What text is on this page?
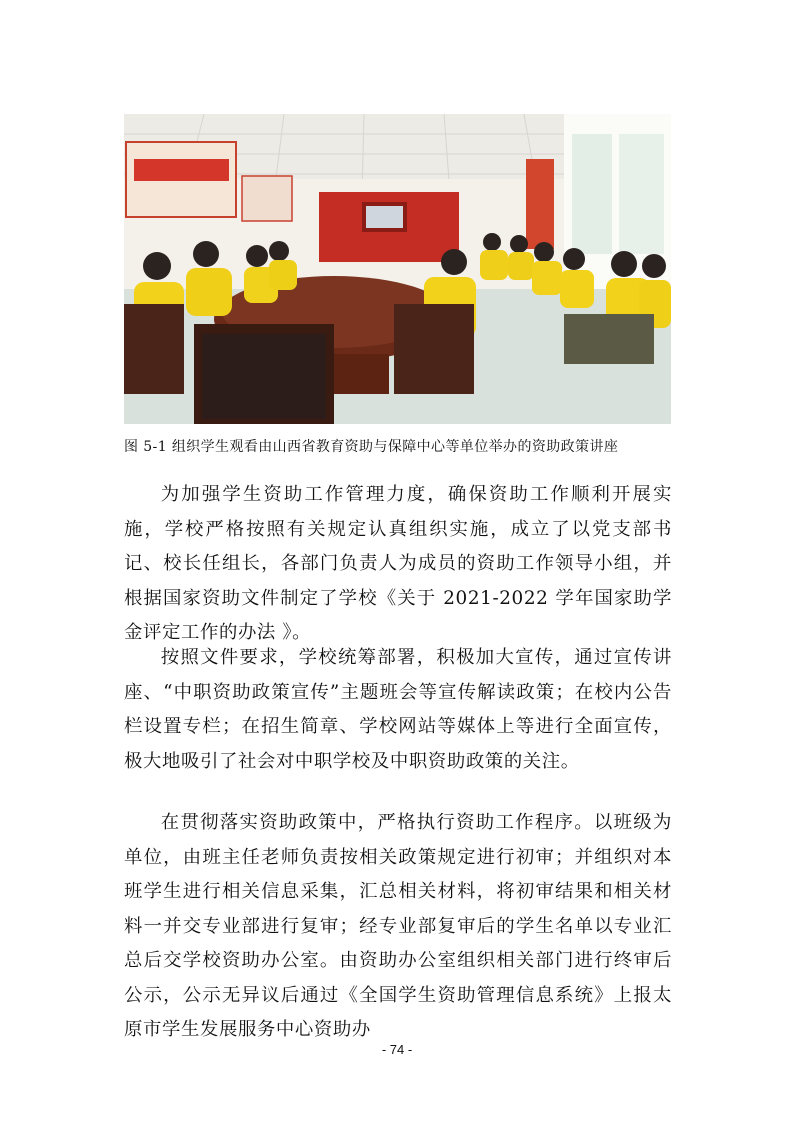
图 5-1 组织学生观看由山西省教育资助与保障中心等单位举办的资助政策讲座

为加强学生资助工作管理力度，确保资助工作顺利开展实施，学校严格按照有关规定认真组织实施，成立了以党支部书记、校长任组长，各部门负责人为成员的资助工作领导小组，并根据国家资助文件制定了学校《关于 2021-2022 学年国家助学金评定工作的办法 》。

按照文件要求，学校统筹部署，积极加大宣传，通过宣传讲座、“中职资助政策宣传”主题班会等宣传解读政策；在校内公告栏设置专栏；在招生简章、学校网站等媒体上等进行全面宣传，极大地吸引了社会对中职学校及中职资助政策的关注。

在贯彻落实资助政策中，严格执行资助工作程序。以班级为单位，由班主任老师负责按相关政策规定进行初审；并组织对本班学生进行相关信息采集，汇总相关材料，将初审结果和相关材料一并交专业部进行复审；经专业部复审后的学生名单以专业汇总后交学校资助办公室。由资助办公室组织相关部门进行终审后公示，公示无异议后通过《全国学生资助管理信息系统》上报太原市学生发展服务中心资助办

- 74 -
